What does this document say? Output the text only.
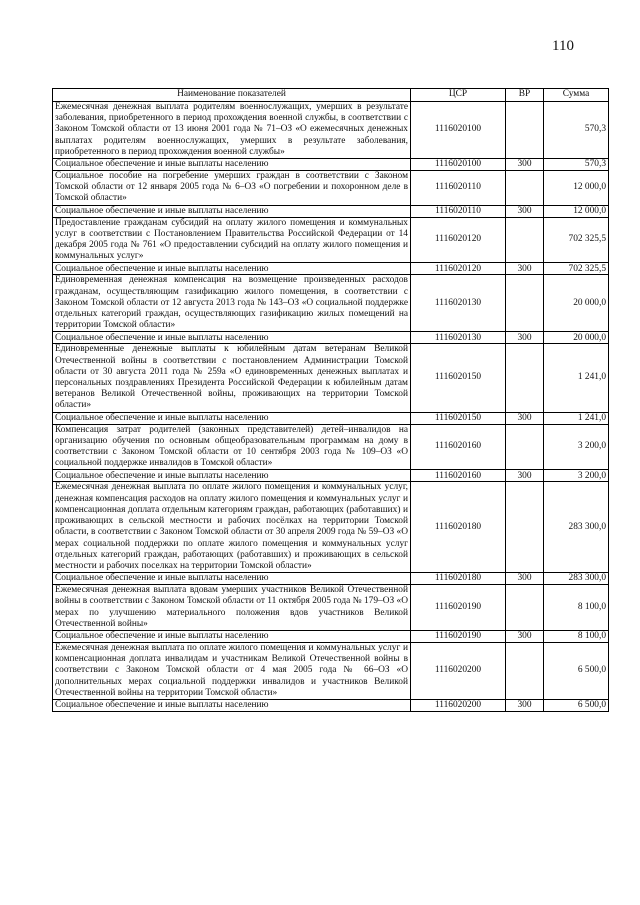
110
Наименование показателей	ЦСР	ВР	Сумма
Ежемесячная денежная выплата родителям военнослужащих, умерших в результате заболевания, приобретенного в период прохождения военной службы, в соответствии с Законом Томской области от 13 июня 2001 года № 71–ОЗ «О ежемесячных денежных выплатах родителям военнослужащих, умерших в результате заболевания, приобретенного в период прохождения военной службы»	1116020100		570,3
Социальное обеспечение и иные выплаты населению	1116020100	300	570,3
Социальное пособие на погребение умерших граждан в соответствии с Законом Томской области от 12 января 2005 года № 6–ОЗ «О погребении и похоронном деле в Томской области»	1116020110		12 000,0
Социальное обеспечение и иные выплаты населению	1116020110	300	12 000,0
Предоставление гражданам субсидий на оплату жилого помещения и коммунальных услуг в соответствии с Постановлением Правительства Российской Федерации от 14 декабря 2005 года № 761 «О предоставлении субсидий на оплату жилого помещения и коммунальных услуг»	1116020120		702 325,5
Социальное обеспечение и иные выплаты населению	1116020120	300	702 325,5
Единовременная денежная компенсация на возмещение произведенных расходов гражданам, осуществляющим газификацию жилого помещения, в соответствии с Законом Томской области от 12 августа 2013 года № 143–ОЗ «О социальной поддержке отдельных категорий граждан, осуществляющих газификацию жилых помещений на территории Томской области»	1116020130		20 000,0
Социальное обеспечение и иные выплаты населению	1116020130	300	20 000,0
Единовременные денежные выплаты к юбилейным датам ветеранам Великой Отечественной войны в соответствии с постановлением Администрации Томской области от 30 августа 2011 года № 259а «О единовременных денежных выплатах и персональных поздравлениях Президента Российской Федерации к юбилейным датам ветеранов Великой Отечественной войны, проживающих на территории Томской области»	1116020150		1 241,0
Социальное обеспечение и иные выплаты населению	1116020150	300	1 241,0
Компенсация затрат родителей (законных представителей) детей–инвалидов на организацию обучения по основным общеобразовательным программам на дому в соответствии с Законом Томской области от 10 сентября 2003 года № 109–ОЗ «О социальной поддержке инвалидов в Томской области»	1116020160		3 200,0
Социальное обеспечение и иные выплаты населению	1116020160	300	3 200,0
Ежемесячная денежная выплата по оплате жилого помещения и коммунальных услуг, денежная компенсация расходов на оплату жилого помещения и коммунальных услуг и компенсационная доплата отдельным категориям граждан, работающих (работавших) и проживающих в сельской местности и рабочих посёлках на территории Томской области, в соответствии с Законом Томской области от 30 апреля 2009 года № 59–ОЗ «О мерах социальной поддержки по оплате жилого помещения и коммунальных услуг отдельных категорий граждан, работающих (работавших) и проживающих в сельской местности и рабочих поселках на территории Томской области»	1116020180		283 300,0
Социальное обеспечение и иные выплаты населению	1116020180	300	283 300,0
Ежемесячная денежная выплата вдовам умерших участников Великой Отечественной войны в соответствии с Законом Томской области от 11 октября 2005 года № 179–ОЗ «О мерах по улучшению материального положения вдов участников Великой Отечественной войны»	1116020190		8 100,0
Социальное обеспечение и иные выплаты населению	1116020190	300	8 100,0
Ежемесячная денежная выплата по оплате жилого помещения и коммунальных услуг и компенсационная доплата инвалидам и участникам Великой Отечественной войны в соответствии с Законом Томской области от 4 мая 2005 года № 66–ОЗ «О дополнительных мерах социальной поддержки инвалидов и участников Великой Отечественной войны на территории Томской области»	1116020200		6 500,0
Социальное обеспечение и иные выплаты населению	1116020200	300	6 500,0
